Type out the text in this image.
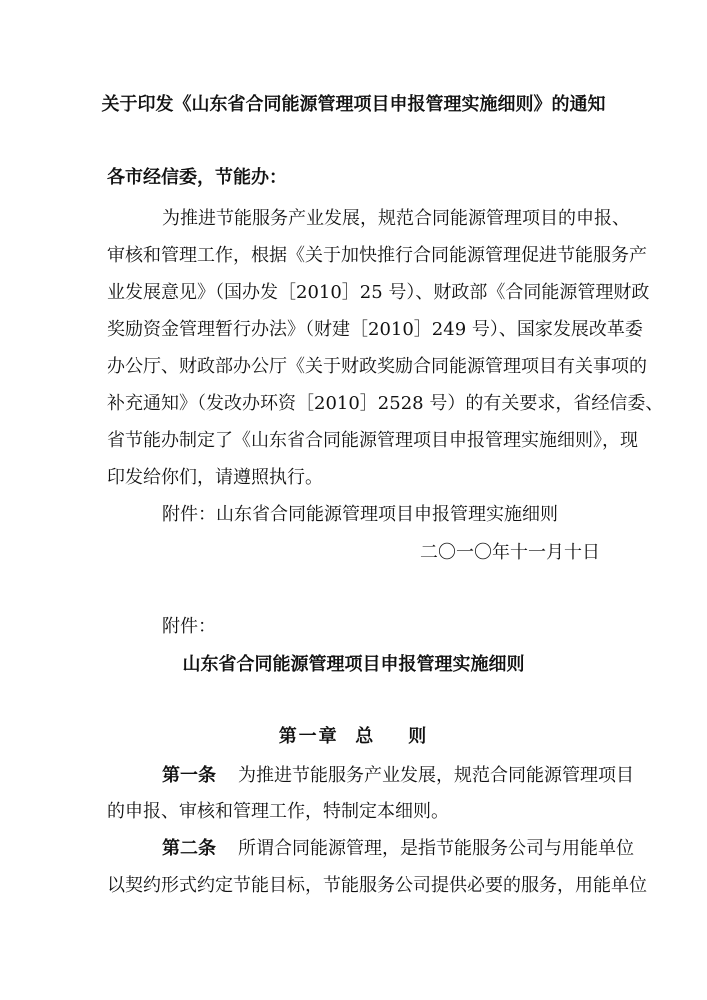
关于印发《山东省合同能源管理项目申报管理实施细则》的通知
各市经信委，节能办：
为推进节能服务产业发展，规范合同能源管理项目的申报、
审核和管理工作，根据《关于加快推行合同能源管理促进节能服务产
业发展意见》（国办发［2010］25 号）、财政部《合同能源管理财政
奖励资金管理暂行办法》（财建［2010］249 号）、国家发展改革委
办公厅、财政部办公厅《关于财政奖励合同能源管理项目有关事项的
补充通知》（发改办环资［2010］2528 号）的有关要求，省经信委、
省节能办制定了《山东省合同能源管理项目申报管理实施细则》，现
印发给你们，请遵照执行。
附件：山东省合同能源管理项目申报管理实施细则
二〇一〇年十一月十日
附件：
山东省合同能源管理项目申报管理实施细则
第一章  总    则
第一条 为推进节能服务产业发展，规范合同能源管理项目
的申报、审核和管理工作，特制定本细则。
第二条 所谓合同能源管理，是指节能服务公司与用能单位
以契约形式约定节能目标，节能服务公司提供必要的服务，用能单位
